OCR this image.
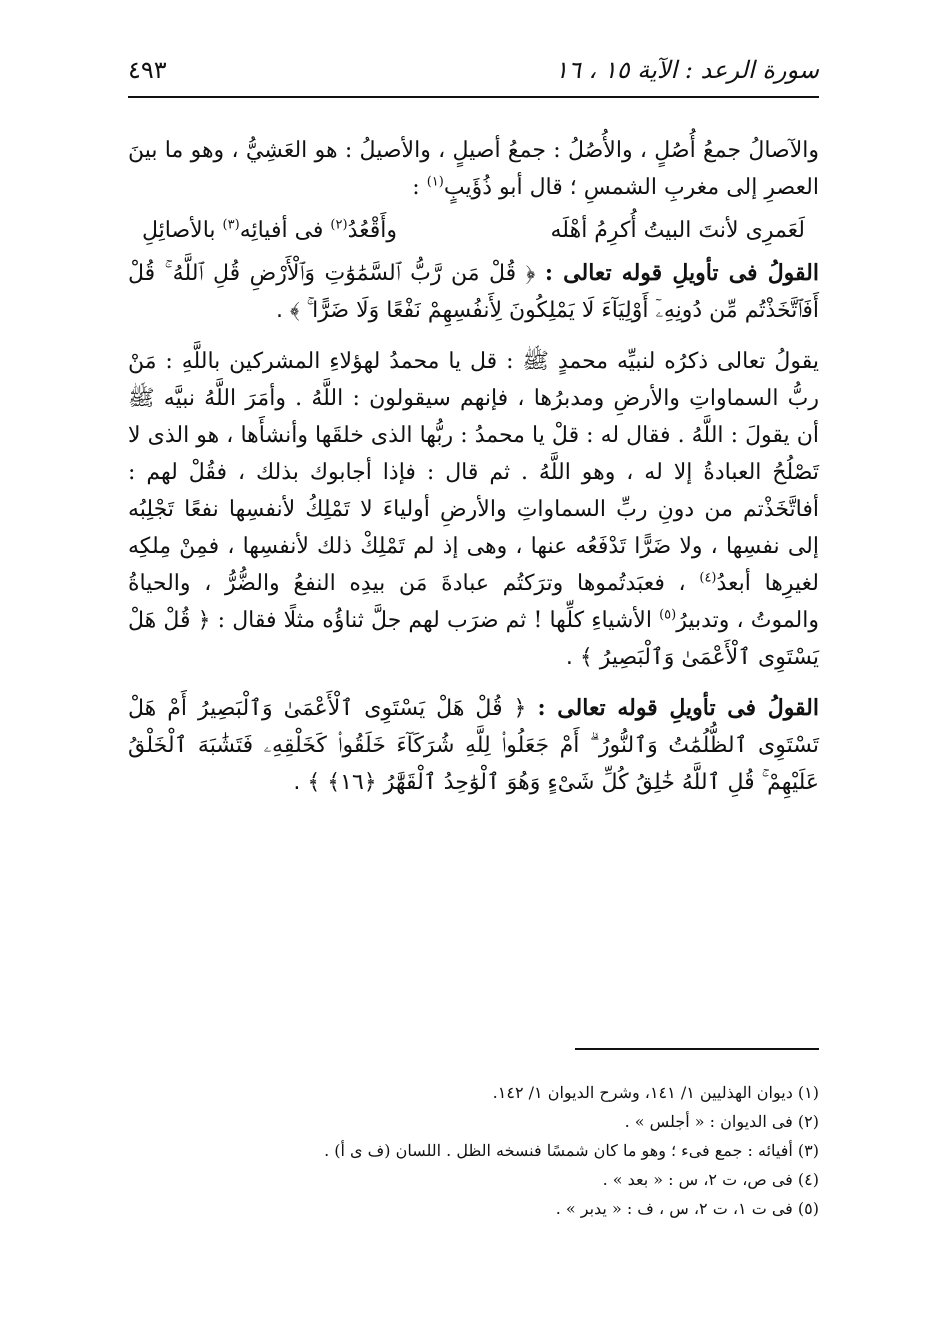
سورة الرعد : الآية ١٥ ، ١٦
٤٩٣

والآصالُ جمعُ أُصُلٍ ، والأُصُلُ : جمعُ أصيلٍ ، والأصيلُ : هو العَشِيُّ ، وهو ما بينَ العصرِ إلى مغربِ الشمسِ ؛ قال أبو ذُؤَيبٍ$^{(١)}$ :

لَعَمرِى لأنتَ البيتُ أُكرِمُ أهْلَه
وأَقْعُدُ$^{(٢)}$ فى أفيائِه$^{(٣)}$ بالأصائِلِ

القولُ فى تأويلِ قوله تعالى : ﴿ قُلْ مَن رَّبُّ ٱلسَّمَٰوَٰتِ وَٱلْأَرْضِ قُلِ ٱللَّهُ ۚ قُلْ أَفَٱتَّخَذْتُم مِّن دُونِهِۦٓ أَوْلِيَآءَ لَا يَمْلِكُونَ لِأَنفُسِهِمْ نَفْعًا وَلَا ضَرًّا ۚ ﴾ .

يقولُ تعالى ذكرُه لنبيِّه محمدٍ ﷺ : قل يا محمدُ لهؤلاءِ المشركين باللَّهِ : مَنْ ربُّ السماواتِ والأرضِ ومدبرُها ، فإنهم سيقولون : اللَّهُ . وأمَرَ اللَّهُ نبيَّه ﷺ أن يقولَ : اللَّهُ . فقال له : قلْ يا محمدُ : ربُّها الذى خلقَها وأنشأَها ، هو الذى لا تَصْلُحُ العبادةُ إلا له ، وهو اللَّهُ . ثم قال : فإذا أجابوك بذلك ، فقُلْ لهم : أفاتَّخَذْتم من دونِ ربِّ السماواتِ والأرضِ أولياءَ لا تَمْلِكُ لأنفسِها نفعًا تَجْلِبُه إلى نفسِها ، ولا ضَرًّا تَدْفَعُه عنها ، وهى إذ لم تَمْلِكْ ذلك لأنفسِها ، فمِنْ مِلكِه لغيرِها أبعدُ$^{(٤)}$ ، فعبَدتُموها وترَكتُم عبادةَ مَن بيدِه النفعُ والضُّرُّ ، والحياةُ والموتُ ، وتدبيرُ$^{(٥)}$ الأشياءِ كلِّها ! ثم ضرَب لهم جلَّ ثناؤُه مثلًا فقال : ﴿ قُلْ هَلْ يَسْتَوِى ٱلْأَعْمَىٰ وَٱلْبَصِيرُ ﴾ .

القولُ فى تأويلِ قوله تعالى : ﴿ قُلْ هَلْ يَسْتَوِى ٱلْأَعْمَىٰ وَٱلْبَصِيرُ أَمْ هَلْ تَسْتَوِى ٱلظُّلُمَٰتُ وَٱلنُّورُ ۗ أَمْ جَعَلُوا۟ لِلَّهِ شُرَكَآءَ خَلَقُوا۟ كَخَلْقِهِۦ فَتَشَٰبَهَ ٱلْخَلْقُ عَلَيْهِمْ ۚ قُلِ ٱللَّهُ خَٰلِقُ كُلِّ شَىْءٍ وَهُوَ ٱلْوَٰحِدُ ٱلْقَهَّٰرُ ﴿١٦﴾ ﴾ .

(١) ديوان الهذليين ١/ ١٤١، وشرح الديوان ١/ ١٤٢.
(٢) فى الديوان : « أجلس » .
(٣) أفيائه : جمع فىء ؛ وهو ما كان شمسًا فنسخه الظل . اللسان (ف ى أ) .
(٤) فى ص، ت ٢، س : « بعد » .
(٥) فى ت ١، ت ٢، س ، ف : « يدبر » .
